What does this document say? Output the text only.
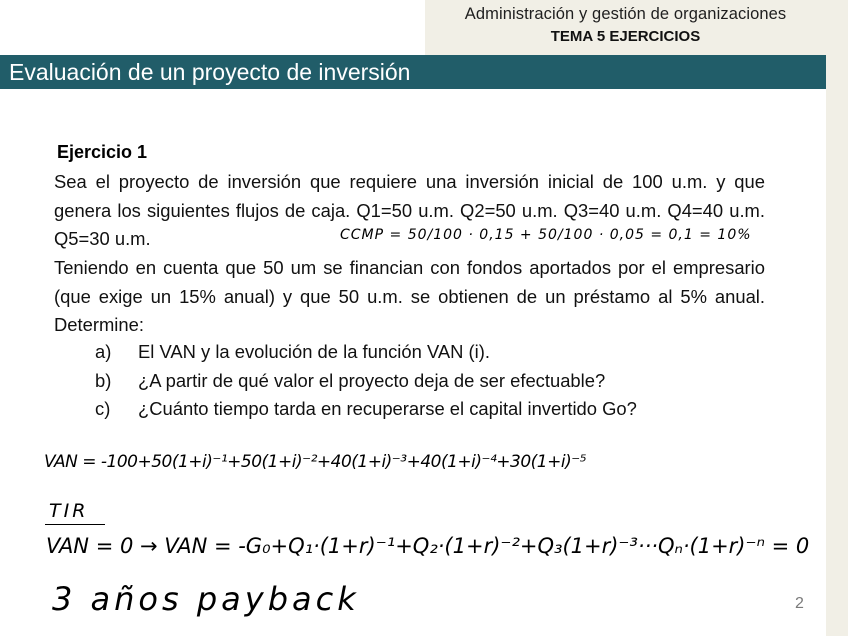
Administración y gestión de organizaciones
TEMA 5 EJERCICIOS
Evaluación de un proyecto de inversión
Ejercicio 1
Sea el proyecto de inversión que requiere una inversión inicial de 100 u.m. y que genera los siguientes flujos de caja. Q1=50 u.m. Q2=50 u.m. Q3=40 u.m. Q4=40 u.m. Q5=30 u.m.
Teniendo en cuenta que 50 um se financian con fondos aportados por el empresario (que exige un 15% anual) y que 50 u.m. se obtienen de un préstamo al 5% anual. Determine:
a)	El VAN y la evolución de la función VAN (i).
b)	¿A partir de qué valor el proyecto deja de ser efectuable?
c)	¿Cuánto tiempo tarda en recuperarse el capital invertido Go?
CCMP = 50/100 · 0,15 + 50/100 · 0,05 = 0,1 = 10%
VAN = -100+50(1+i)⁻¹+50(1+i)⁻²+40(1+i)⁻³+40(1+i)⁻⁴+30(1+i)⁻⁵
TIR
VAN = 0 → VAN = -G₀+Q₁·(1+r)⁻¹+Q₂·(1+r)⁻²+Q₃(1+r)⁻³···Qₙ·(1+r)⁻ⁿ = 0
3 años payback	2
